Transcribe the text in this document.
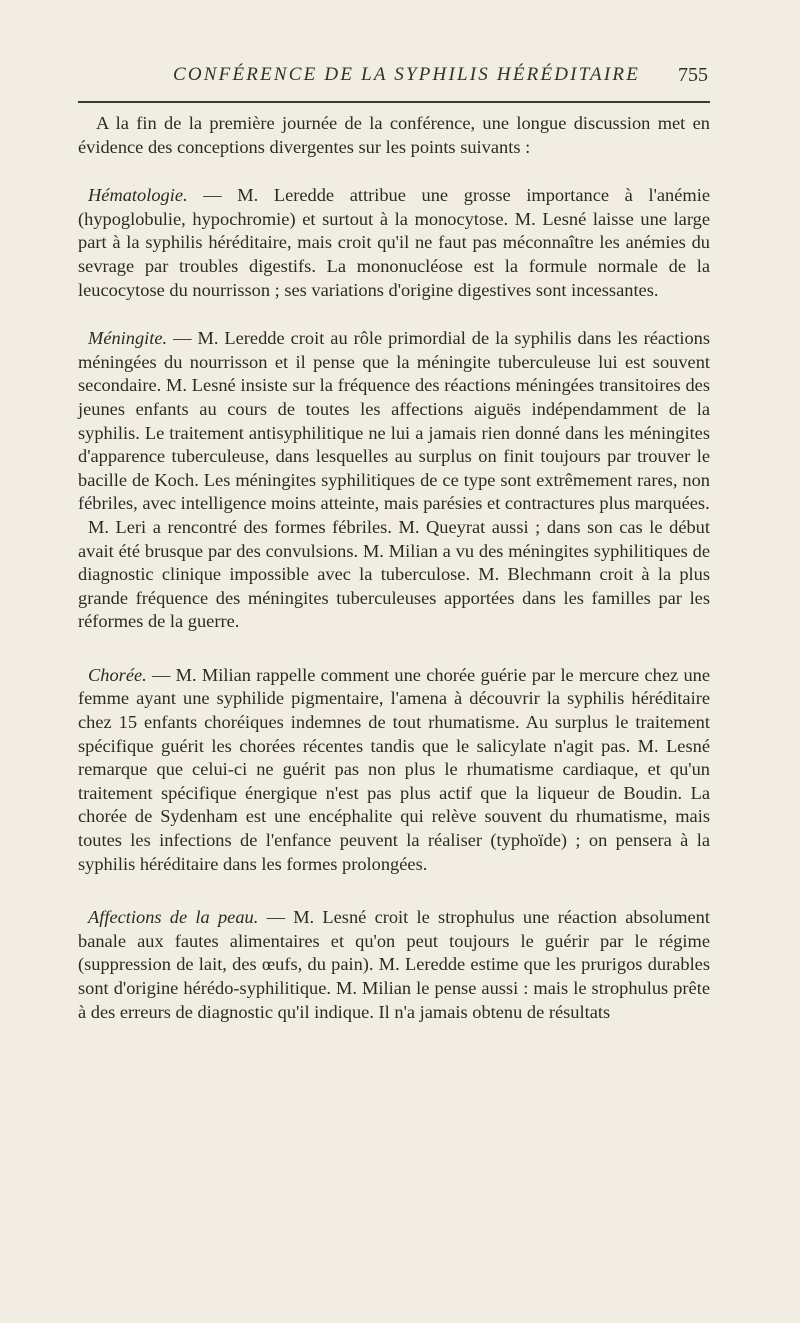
CONFÉRENCE DE LA SYPHILIS HÉRÉDITAIRE 755

A la fin de la première journée de la conférence, une longue discussion met en évidence des conceptions divergentes sur les points suivants :

Hématologie. — M. Leredde attribue une grosse importance à l'anémie (hypoglobulie, hypochromie) et surtout à la monocytose. M. Lesné laisse une large part à la syphilis héréditaire, mais croit qu'il ne faut pas méconnaître les anémies du sevrage par troubles digestifs. La mononucléose est la formule normale de la leucocytose du nourrisson ; ses variations d'origine digestives sont incessantes.

Méningite. — M. Leredde croit au rôle primordial de la syphilis dans les réactions méningées du nourrisson et il pense que la méningite tuberculeuse lui est souvent secondaire. M. Lesné insiste sur la fréquence des réactions méningées transitoires des jeunes enfants au cours de toutes les affections aiguës indépendamment de la syphilis. Le traitement antisyphilitique ne lui a jamais rien donné dans les méningites d'apparence tuberculeuse, dans lesquelles au surplus on finit toujours par trouver le bacille de Koch. Les méningites syphilitiques de ce type sont extrêmement rares, non fébriles, avec intelligence moins atteinte, mais parésies et contractures plus marquées.

M. Leri a rencontré des formes fébriles. M. Queyrat aussi ; dans son cas le début avait été brusque par des convulsions. M. Milian a vu des méningites syphilitiques de diagnostic clinique impossible avec la tuberculose. M. Blechmann croit à la plus grande fréquence des méningites tuberculeuses apportées dans les familles par les réformes de la guerre.

Chorée. — M. Milian rappelle comment une chorée guérie par le mercure chez une femme ayant une syphilide pigmentaire, l'amena à découvrir la syphilis héréditaire chez 15 enfants choréiques indemnes de tout rhumatisme. Au surplus le traitement spécifique guérit les chorées récentes tandis que le salicylate n'agit pas. M. Lesné remarque que celui-ci ne guérit pas non plus le rhumatisme cardiaque, et qu'un traitement spécifique énergique n'est pas plus actif que la liqueur de Boudin. La chorée de Sydenham est une encéphalite qui relève souvent du rhumatisme, mais toutes les infections de l'enfance peuvent la réaliser (typhoïde) ; on pensera à la syphilis héréditaire dans les formes prolongées.

Affections de la peau. — M. Lesné croit le strophulus une réaction absolument banale aux fautes alimentaires et qu'on peut toujours le guérir par le régime (suppression de lait, des œufs, du pain). M. Leredde estime que les prurigos durables sont d'origine hérédo-syphilitique. M. Milian le pense aussi : mais le strophulus prête à des erreurs de diagnostic qu'il indique. Il n'a jamais obtenu de résultats
